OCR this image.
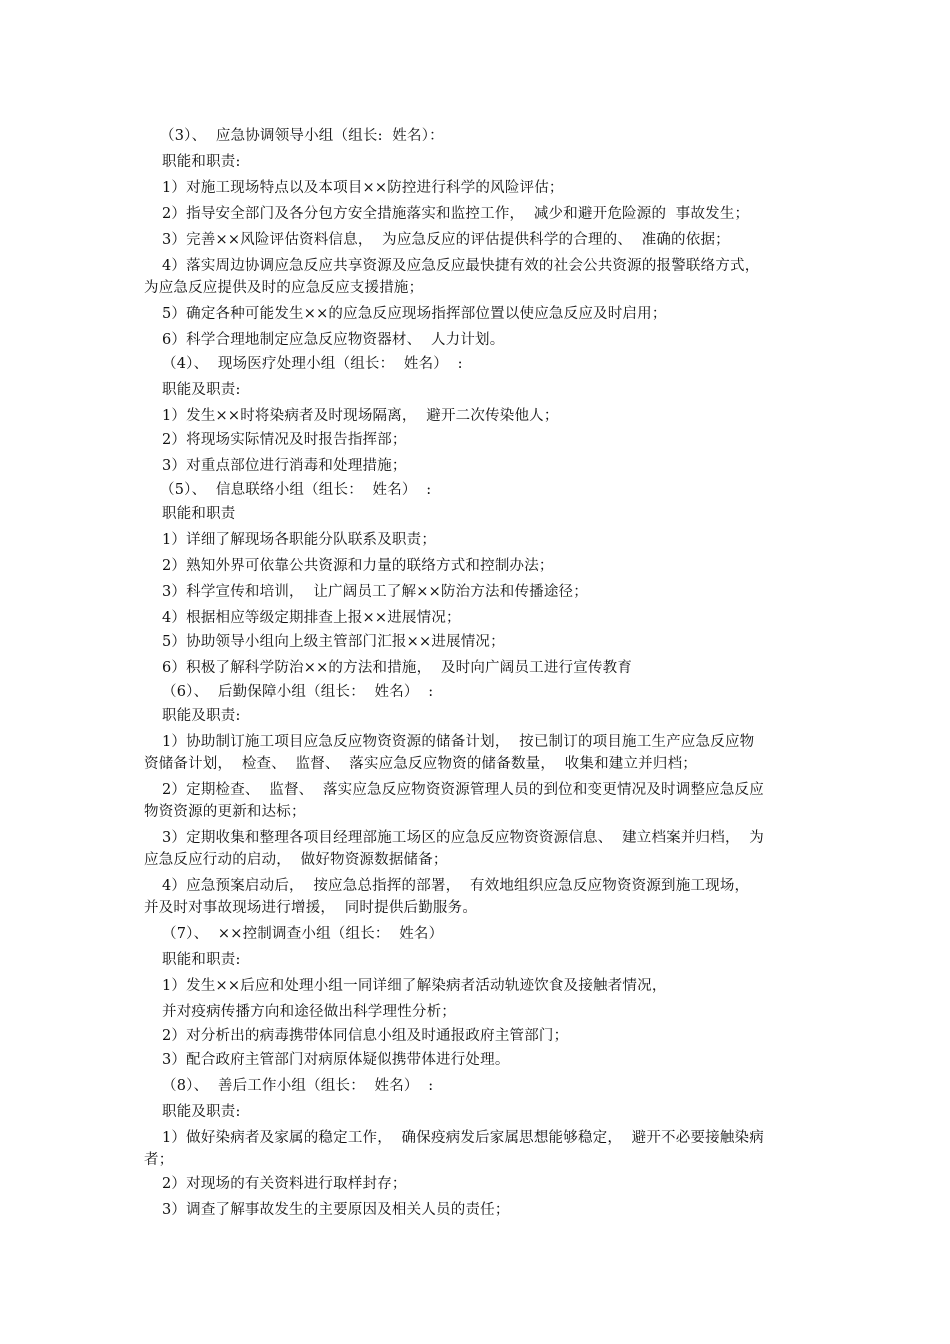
（3）、  应急协调领导小组（组长:  姓名）：
职能和职责:
1）对施工现场特点以及本项目××防控进行科学的风险评估；
2）指导安全部门及各分包方安全措施落实和监控工作，  减少和避开危险源的  事故发生；
3）完善××风险评估资料信息，  为应急反应的评估提供科学的合理的、  准确的依据；
4）落实周边协调应急反应共享资源及应急反应最快捷有效的社会公共资源的报警联络方式，
为应急反应提供及时的应急反应支援措施；
5）确定各种可能发生××的应急反应现场指挥部位置以使应急反应及时启用；
6）科学合理地制定应急反应物资器材、  人力计划。
（4）、  现场医疗处理小组（组长：  姓名）  :
职能及职责:
1）发生××时将染病者及时现场隔离，  避开二次传染他人；
2）将现场实际情况及时报告指挥部；
3）对重点部位进行消毒和处理措施；
（5）、  信息联络小组（组长：  姓名）  :
职能和职责
1）详细了解现场各职能分队联系及职责；
2）熟知外界可依靠公共资源和力量的联络方式和控制办法；
3）科学宣传和培训，  让广阔员工了解××防治方法和传播途径；
4）根据相应等级定期排查上报××进展情况；
5）协助领导小组向上级主管部门汇报××进展情况；
6）积极了解科学防治××的方法和措施，  及时向广阔员工进行宣传教育
（6）、  后勤保障小组（组长：  姓名）  :
职能及职责:
1）协助制订施工项目应急反应物资资源的储备计划，  按已制订的项目施工生产应急反应物
资储备计划，  检查、  监督、  落实应急反应物资的储备数量，  收集和建立并归档；
2）定期检查、  监督、  落实应急反应物资资源管理人员的到位和变更情况及时调整应急反应
物资资源的更新和达标；
3）定期收集和整理各项目经理部施工场区的应急反应物资资源信息、  建立档案并归档，  为
应急反应行动的启动，  做好物资源数据储备；
4）应急预案启动后，  按应急总指挥的部署，  有效地组织应急反应物资资源到施工现场，
并及时对事故现场进行增援，  同时提供后勤服务。
（7）、  ××控制调查小组（组长：  姓名）
职能和职责:
1）发生××后应和处理小组一同详细了解染病者活动轨迹饮食及接触者情况，
并对疫病传播方向和途径做出科学理性分析；
2）对分析出的病毒携带体同信息小组及时通报政府主管部门；
3）配合政府主管部门对病原体疑似携带体进行处理。
（8）、  善后工作小组（组长：  姓名）  :
职能及职责:
1）做好染病者及家属的稳定工作，  确保疫病发后家属思想能够稳定，  避开不必要接触染病
者；
2）对现场的有关资料进行取样封存；
3）调查了解事故发生的主要原因及相关人员的责任；
